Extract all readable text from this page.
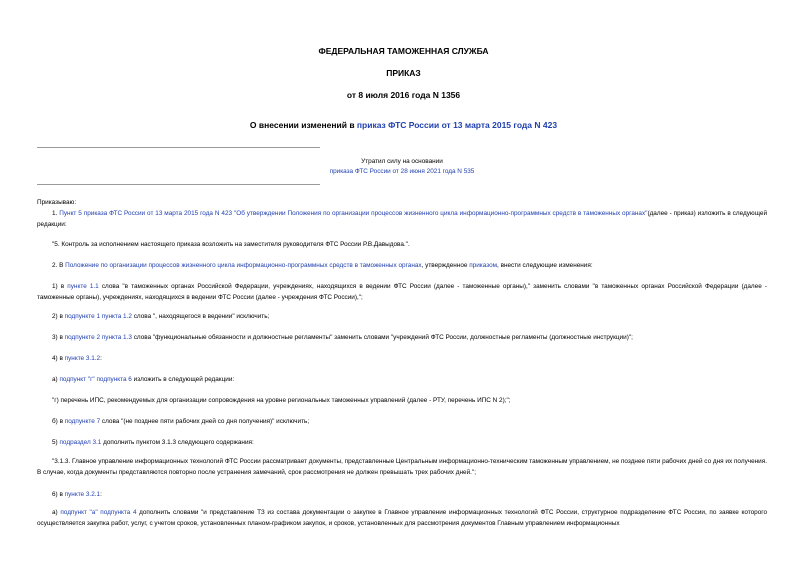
ФЕДЕРАЛЬНАЯ ТАМОЖЕННАЯ СЛУЖБА
ПРИКАЗ
от 8 июля 2016 года N 1356
О внесении изменений в приказ ФТС России от 13 марта 2015 года N 423
Утратил силу на основании
приказа ФТС России от 28 июня 2021 года N 535
Приказываю:
1. Пункт 5 приказа ФТС России от 13 марта 2015 года N 423 "Об утверждении Положения по организации процессов жизненного цикла информационно-программных средств в таможенных органах"(далее - приказ) изложить в следующей редакции:
"5. Контроль за исполнением настоящего приказа возложить на заместителя руководителя ФТС России Р.В.Давыдова.".
2. В Положение по организации процессов жизненного цикла информационно-программных средств в таможенных органах, утвержденное приказом, внести следующие изменения:
1) в пункте 1.1 слова "в таможенных органах Российской Федерации, учреждениях, находящихся в ведении ФТС России (далее - таможенные органы)," заменить словами "в таможенных органах Российской Федерации (далее - таможенные органы), учреждениях, находящихся в ведении ФТС России (далее - учреждения ФТС России),";
2) в подпункте 1 пункта 1.2 слова ", находящегося в ведении" исключить;
3) в подпункте 2 пункта 1.3 слова "функциональные обязанности и должностные регламенты" заменить словами "учреждений ФТС России, должностные регламенты (должностные инструкции)";
4) в пункте 3.1.2:
а) подпункт "г" подпункта 6 изложить в следующей редакции:
"г) перечень ИПС, рекомендуемых для организации сопровождения на уровне региональных таможенных управлений (далее - РТУ, перечень ИПС N 2);";
б) в подпункте 7 слова "(не позднее пяти рабочих дней со дня получения)" исключить;
5) подраздел 3.1 дополнить пунктом 3.1.3 следующего содержания:
"3.1.3. Главное управление информационных технологий ФТС России рассматривает документы, представленные Центральным информационно-техническим таможенным управлением, не позднее пяти рабочих дней со дня их получения. В случае, когда документы представляются повторно после устранения замечаний, срок рассмотрения не должен превышать трех рабочих дней.";
6) в пункте 3.2.1:
а) подпункт "а" подпункта 4 дополнить словами "и представление ТЗ из состава документации о закупке в Главное управление информационных технологий ФТС России, структурное подразделение ФТС России, по заявке которого осуществляется закупка работ, услуг, с учетом сроков, установленных планом-графиком закупок, и сроков, установленных для рассмотрения документов Главным управлением информационных
